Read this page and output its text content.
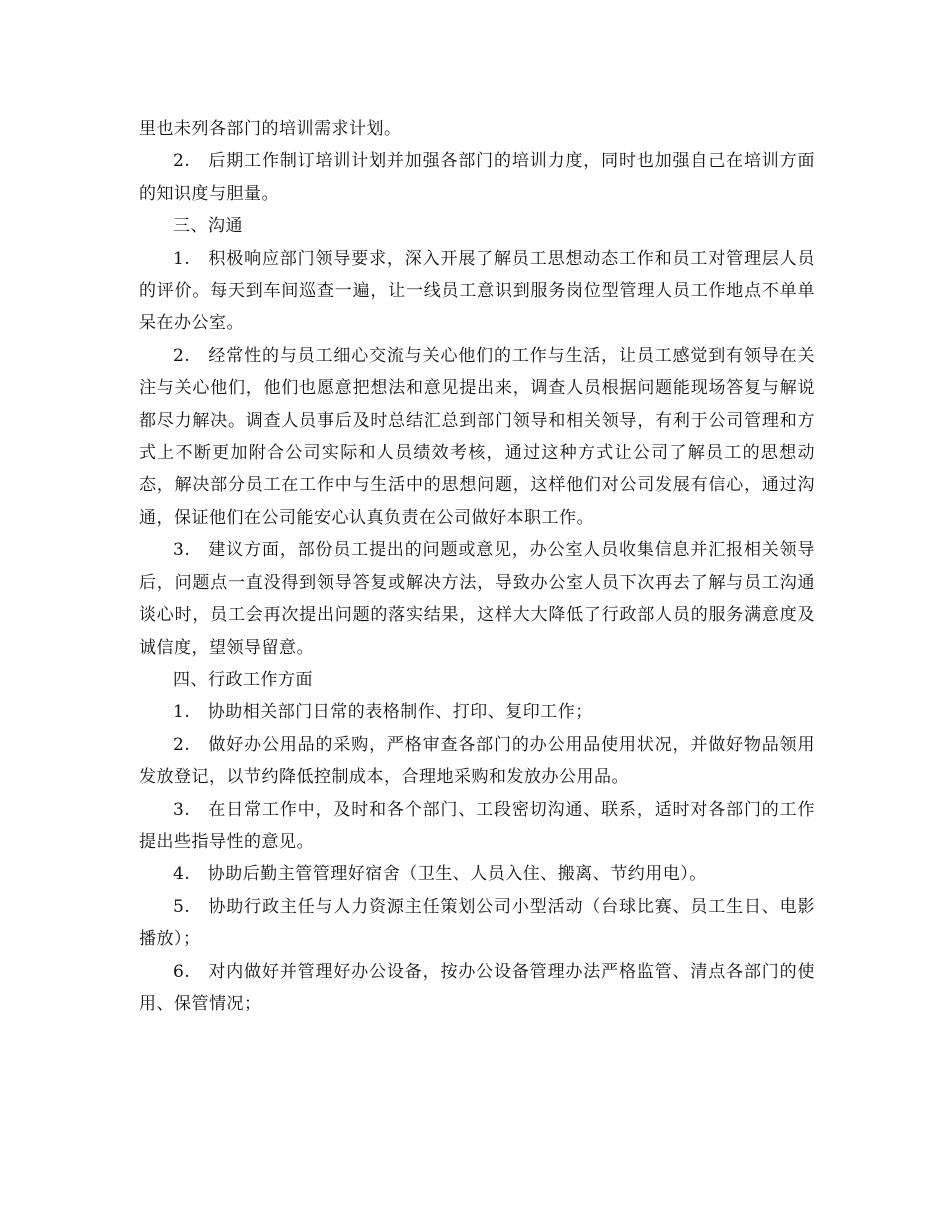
里也未列各部门的培训需求计划。

2.　后期工作制订培训计划并加强各部门的培训力度，同时也加强自己在培训方面的知识度与胆量。

三、沟通

1.　积极响应部门领导要求，深入开展了解员工思想动态工作和员工对管理层人员的评价。每天到车间巡查一遍，让一线员工意识到服务岗位型管理人员工作地点不单单呆在办公室。

2.　经常性的与员工细心交流与关心他们的工作与生活，让员工感觉到有领导在关注与关心他们，他们也愿意把想法和意见提出来，调查人员根据问题能现场答复与解说都尽力解决。调查人员事后及时总结汇总到部门领导和相关领导，有利于公司管理和方式上不断更加附合公司实际和人员绩效考核，通过这种方式让公司了解员工的思想动态，解决部分员工在工作中与生活中的思想问题，这样他们对公司发展有信心，通过沟通，保证他们在公司能安心认真负责在公司做好本职工作。

3.　建议方面，部份员工提出的问题或意见，办公室人员收集信息并汇报相关领导后，问题点一直没得到领导答复或解决方法，导致办公室人员下次再去了解与员工沟通谈心时，员工会再次提出问题的落实结果，这样大大降低了行政部人员的服务满意度及诚信度，望领导留意。

四、行政工作方面

1.　协助相关部门日常的表格制作、打印、复印工作；

2.　做好办公用品的采购，严格审查各部门的办公用品使用状况，并做好物品领用发放登记，以节约降低控制成本，合理地采购和发放办公用品。

3.　在日常工作中，及时和各个部门、工段密切沟通、联系，适时对各部门的工作提出些指导性的意见。

4.　协助后勤主管管理好宿舍（卫生、人员入住、搬离、节约用电）。

5.　协助行政主任与人力资源主任策划公司小型活动（台球比赛、员工生日、电影播放）；

6.　对内做好并管理好办公设备，按办公设备管理办法严格监管、清点各部门的使用、保管情况；
